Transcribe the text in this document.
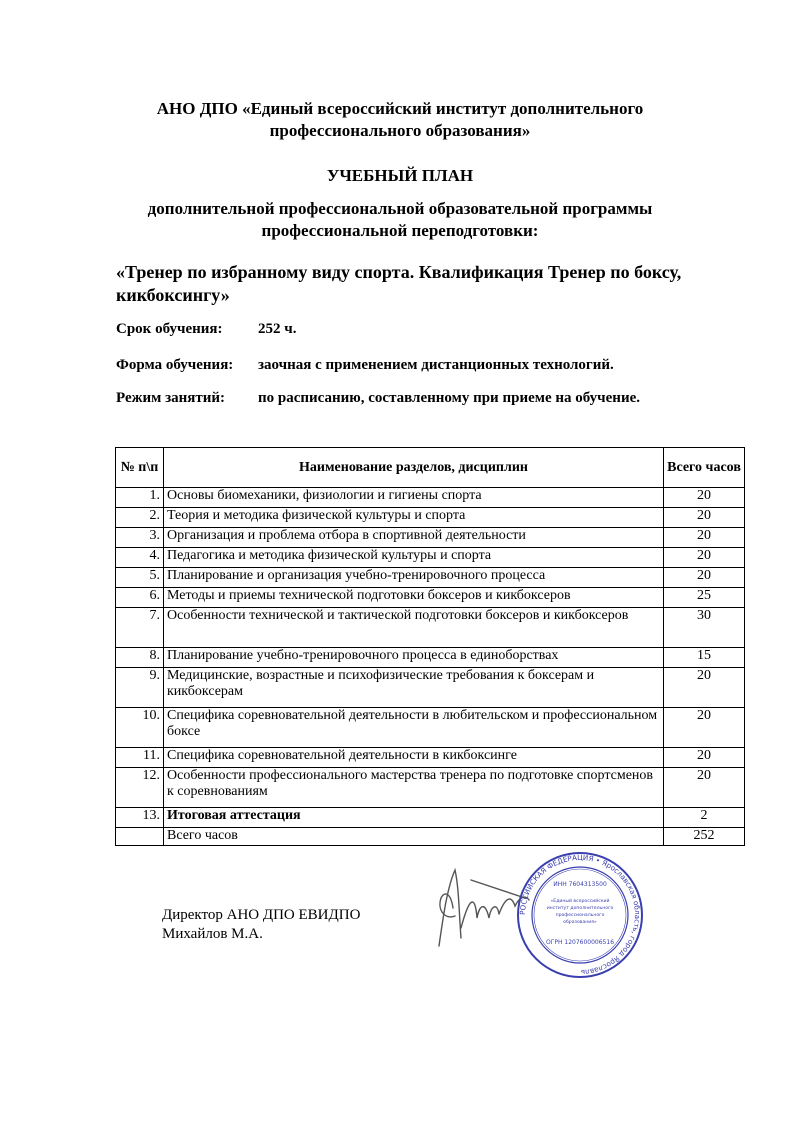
АНО ДПО «Единый всероссийский институт дополнительного
профессионального образования»
УЧЕБНЫЙ ПЛАН
дополнительной профессиональной образовательной программы
профессиональной переподготовки:
«Тренер по избранному виду спорта. Квалификация Тренер по боксу,
кикбоксингу»
Срок обучения: 252 ч.
Форма обучения: заочная с применением дистанционных технологий.
Режим занятий: по расписанию, составленному при приеме на обучение.
№ п\п	Наименование разделов, дисциплин	Всего часов
1.	Основы биомеханики, физиологии и гигиены спорта	20
2.	Теория и методика физической культуры и спорта	20
3.	Организация и проблема отбора в спортивной деятельности	20
4.	Педагогика и методика физической культуры и спорта	20
5.	Планирование и организация учебно-тренировочного процесса	20
6.	Методы и приемы технической подготовки боксеров и кикбоксеров	25
7.	Особенности технической и тактической подготовки боксеров и кикбоксеров	30
8.	Планирование учебно-тренировочного процесса в единоборствах	15
9.	Медицинские, возрастные и психофизические требования к боксерам и кикбоксерам	20
10.	Специфика соревновательной деятельности в любительском и профессиональном боксе	20
11.	Специфика соревновательной деятельности в кикбоксинге	20
12.	Особенности профессионального мастерства тренера по подготовке спортсменов к соревнованиям	20
13.	Итоговая аттестация	2
	Всего часов	252
Директор АНО ДПО ЕВИДПО
Михайлов М.А.
РОССИЙСКАЯ ФЕДЕРАЦИЯ • Ярославская область, город Ярославль
ИНН 7604313500
«Единый всероссийский
институт дополнительного
профессионального
образования»
ОГРН 1207600006516
